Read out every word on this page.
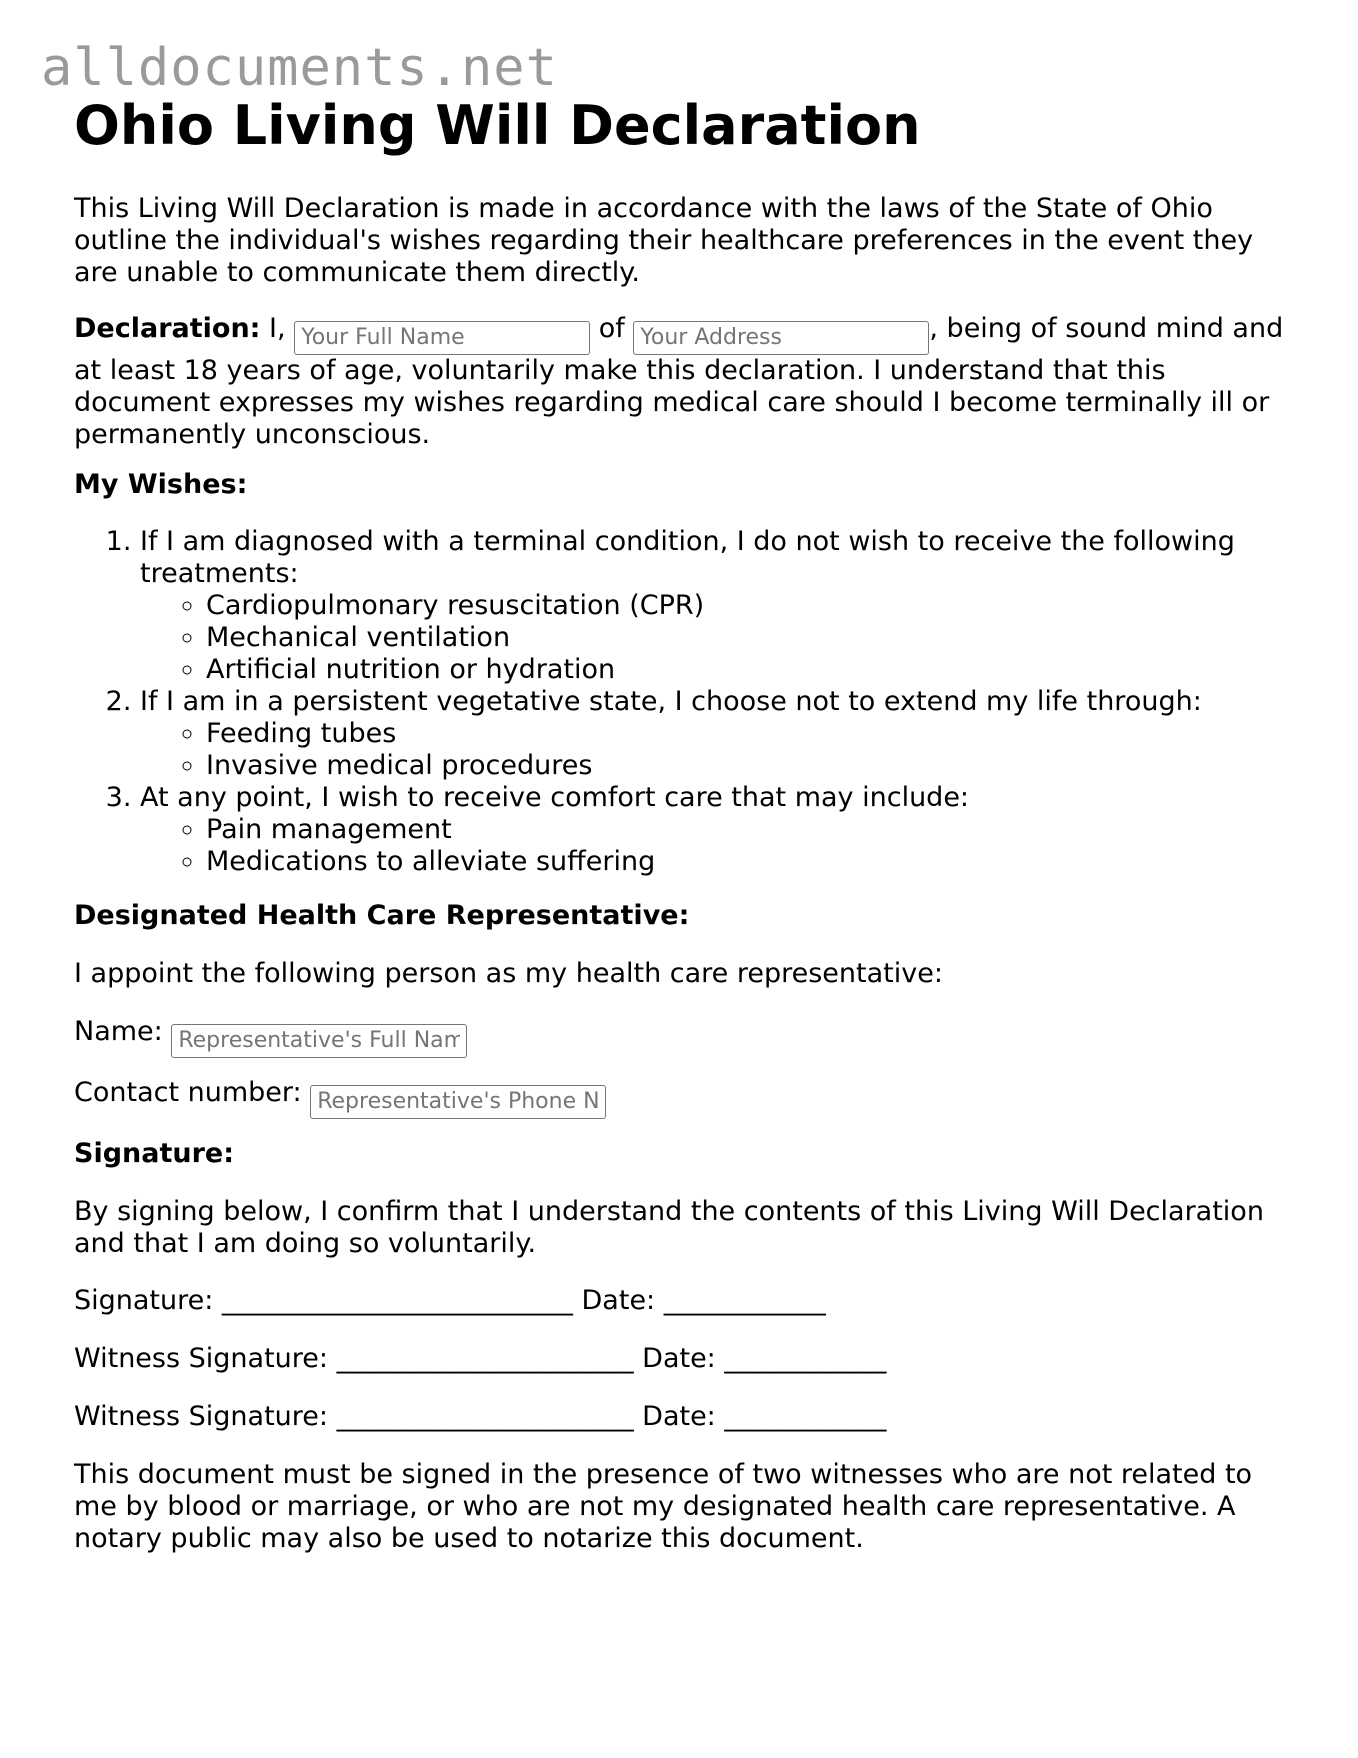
alldocuments.net
Ohio Living Will Declaration

This Living Will Declaration is made in accordance with the laws of the State of Ohio outline the individual's wishes regarding their healthcare preferences in the event they are unable to communicate them directly.

Declaration: I, Your Full Name	of Your Address	, being of sound mind and at least 18 years of age, voluntarily make this declaration. I understand that this document expresses my wishes regarding medical care should I become terminally ill or permanently unconscious.

My Wishes:

1. If I am diagnosed with a terminal condition, I do not wish to receive the following treatments:
◦ Cardiopulmonary resuscitation (CPR)
◦ Mechanical ventilation
◦ Artificial nutrition or hydration
2. If I am in a persistent vegetative state, I choose not to extend my life through:
◦ Feeding tubes
◦ Invasive medical procedures
3. At any point, I wish to receive comfort care that may include:
◦ Pain management
◦ Medications to alleviate suffering

Designated Health Care Representative:

I appoint the following person as my health care representative:

Name: Representative's Full Name

Contact number: Representative's Phone Number

Signature:

By signing below, I confirm that I understand the contents of this Living Will Declaration and that I am doing so voluntarily.

Signature: __________________________ Date: ____________

Witness Signature: ______________________ Date: ____________

Witness Signature: ______________________ Date: ____________

This document must be signed in the presence of two witnesses who are not related to me by blood or marriage, or who are not my designated health care representative. A notary public may also be used to notarize this document.
